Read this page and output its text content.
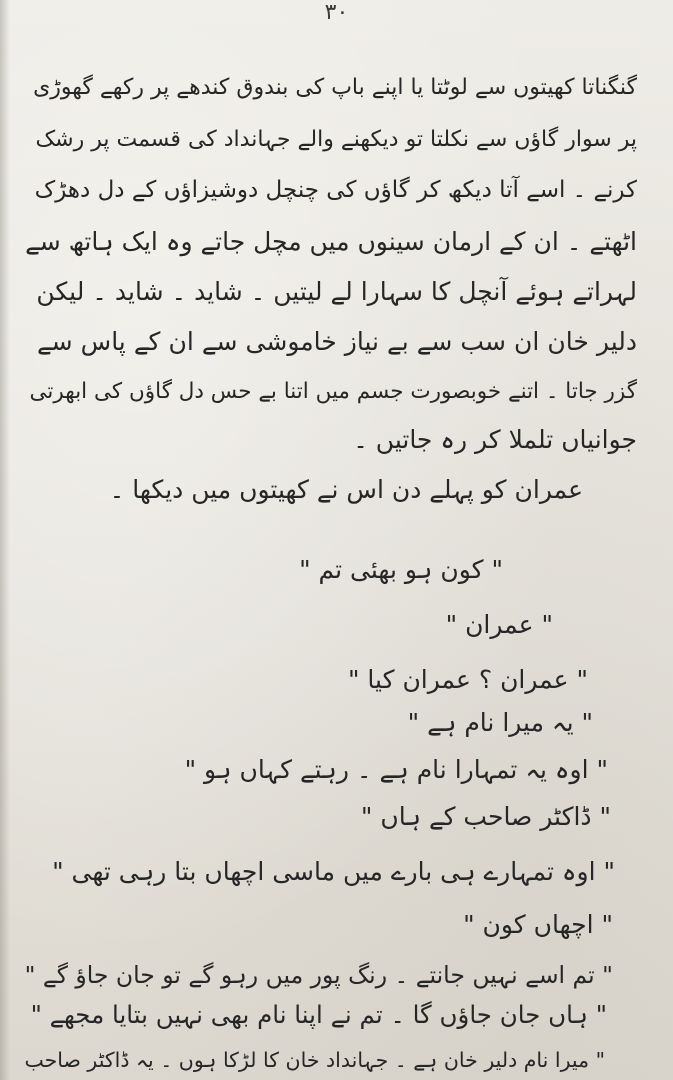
۳۰
گنگناتا کھیتوں سے لوٹتا یا اپنے باپ کی بندوق کندھے پر رکھے گھوڑی
پر سوار گاؤں سے نکلتا تو دیکھنے والے جہانداد کی قسمت پر رشک
کرنے ۔ اسے آتا دیکھ کر گاؤں کی چنچل دوشیزاؤں کے دل دھڑک
اٹھتے ۔ ان کے ارمان سینوں میں مچل جاتے وہ ایک ہاتھ سے
لہراتے ہوئے آنچل کا سہارا لے لیتیں ۔ شاید ۔ شاید ۔ لیکن
دلیر خان ان سب سے بے نیاز خاموشی سے ان کے پاس سے
گزر جاتا ۔ اتنے خوبصورت جسم میں اتنا بے حس دل گاؤں کی ابھرتی
جوانیاں تلملا کر رہ جاتیں ۔
عمران کو پہلے دن اس نے کھیتوں میں دیکھا ۔
" کون ہو بھئی تم "
" عمران "
" عمران ؟ عمران کیا "
" یہ میرا نام ہے "
" اوہ یہ تمہارا نام ہے ۔ رہتے کہاں ہو "
" ڈاکٹر صاحب کے ہاں "
" اوہ تمہارے ہی بارے میں ماسی اچھاں بتا رہی تھی "
" اچھاں کون "
" تم اسے نہیں جانتے ۔ رنگ پور میں رہو گے تو جان جاؤ گے "
" ہاں جان جاؤں گا ۔ تم نے اپنا نام بھی نہیں بتایا مجھے "
" میرا نام دلیر خان ہے ۔ جہانداد خان کا لڑکا ہوں ۔ یہ ڈاکٹر صاحب
